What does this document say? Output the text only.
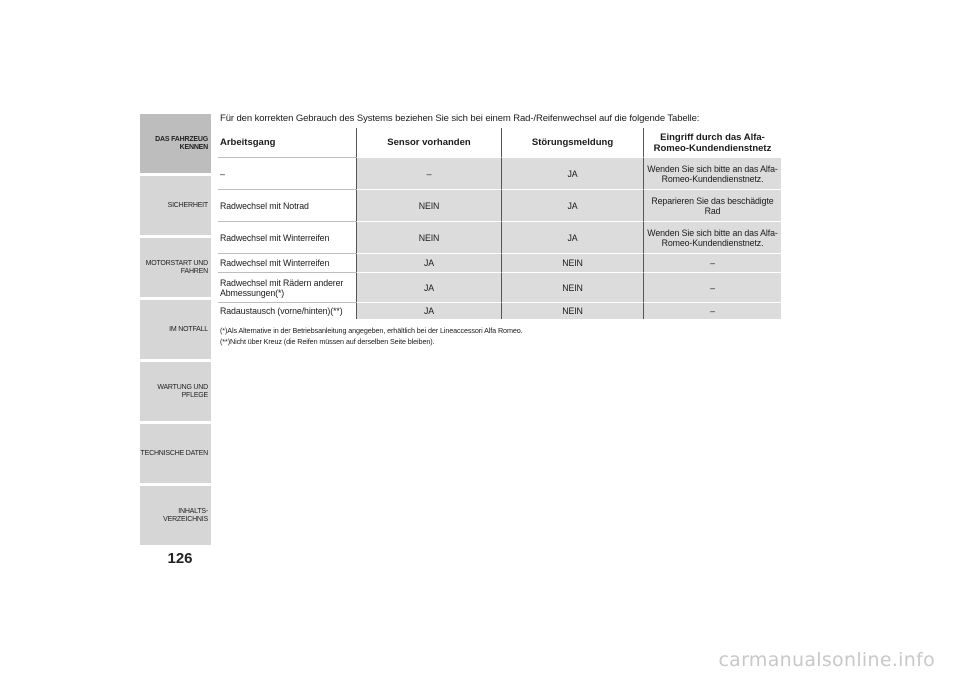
DAS FAHRZEUG
KENNEN
SICHERHEIT
MOTORSTART UND
FAHREN
IM NOTFALL
WARTUNG UND
PFLEGE
TECHNISCHE DATEN
INHALTS-
VERZEICHNIS
126
Für den korrekten Gebrauch des Systems beziehen Sie sich bei einem Rad-/Reifenwechsel auf die folgende Tabelle:
Arbeitsgang	Sensor vorhanden	Störungsmeldung	Eingriff durch das Alfa-Romeo-Kundendienstnetz
–	–	JA	Wenden Sie sich bitte an das Alfa-Romeo-Kundendienstnetz.
Radwechsel mit Notrad	NEIN	JA	Reparieren Sie das beschädigte Rad
Radwechsel mit Winterreifen	NEIN	JA	Wenden Sie sich bitte an das Alfa-Romeo-Kundendienstnetz.
Radwechsel mit Winterreifen	JA	NEIN	–
Radwechsel mit Rädern anderer Abmessungen(*)	JA	NEIN	–
Radaustausch (vorne/hinten)(**)	JA	NEIN	–
(*)Als Alternative in der Betriebsanleitung angegeben, erhältlich bei der Lineaccessori Alfa Romeo.
(**)Nicht über Kreuz (die Reifen müssen auf derselben Seite bleiben).
carmanualsonline.info
